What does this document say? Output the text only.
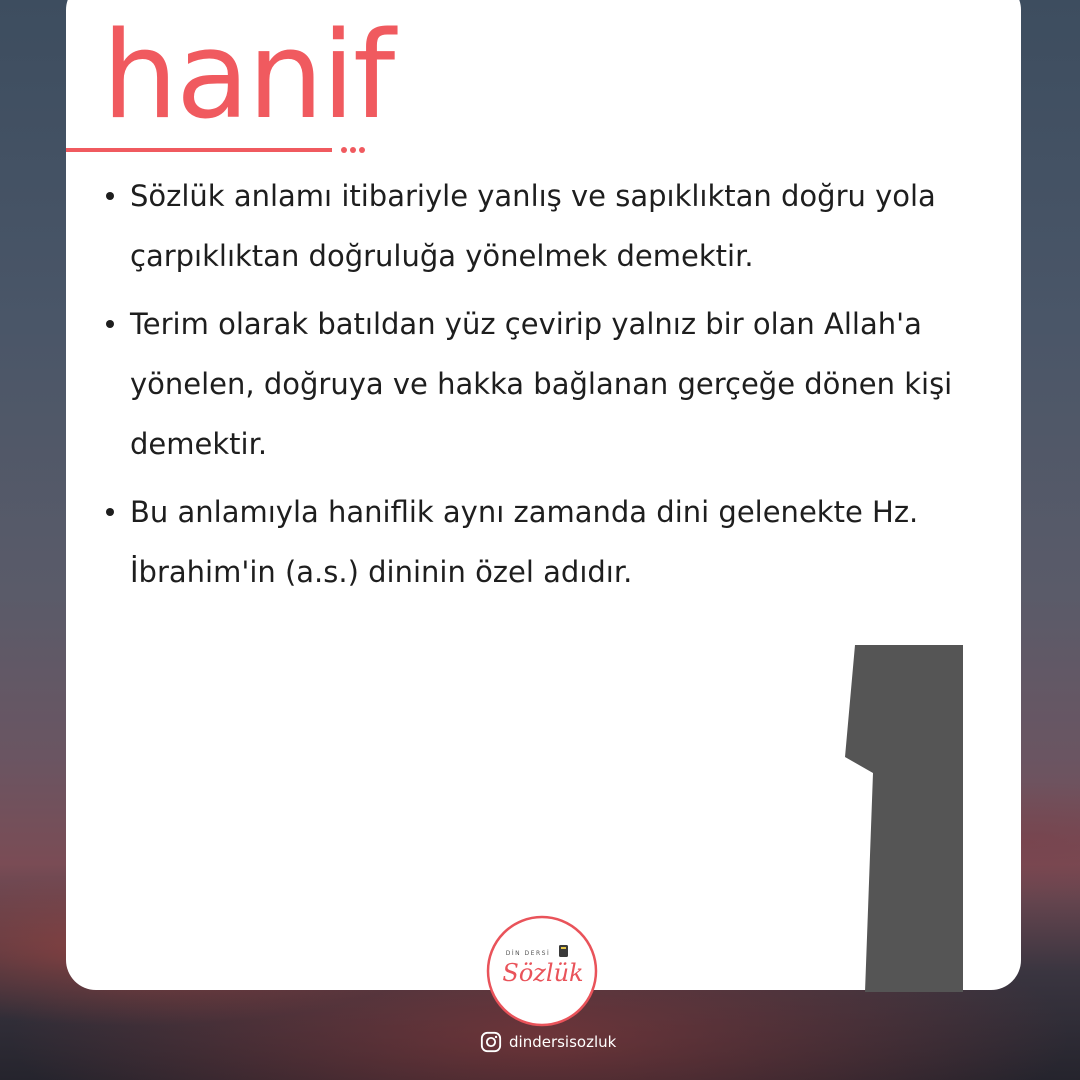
hanif
Sözlük anlamı itibariyle yanlış ve sapıklıktan doğru yola çarpıklıktan doğruluğa yönelmek demektir.
Terim olarak batıldan yüz çevirip yalnız bir olan Allah'a yönelen, doğruya ve hakka bağlanan gerçeğe dönen kişi demektir.
Bu anlamıyla haniflik aynı zamanda dini gelenekte Hz. İbrahim'in (a.s.) dininin özel adıdır.
DİN DERSİ
Sözlük
dindersisozluk
